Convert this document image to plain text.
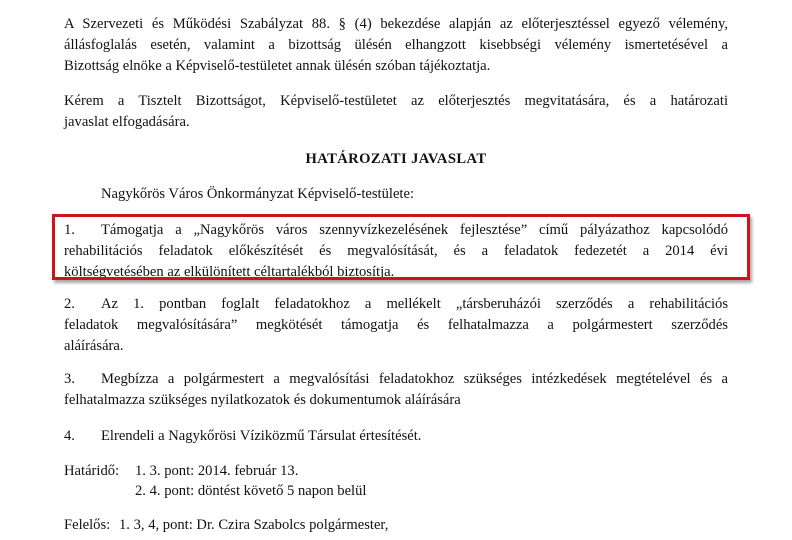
A Szervezeti és Működési Szabályzat 88. § (4) bekezdése alapján az előterjesztéssel egyező vélemény,
állásfoglalás esetén, valamint a bizottság ülésén elhangzott kisebbségi vélemény ismertetésével a
Bizottság elnöke a Képviselő-testületet annak ülésén szóban tájékoztatja.
Kérem a Tisztelt Bizottságot, Képviselő-testületet az előterjesztés megvitatására, és a határozati
javaslat elfogadására.
HATÁROZATI JAVASLAT
Nagykőrös Város Önkormányzat Képviselő-testülete:
1. Támogatja a „Nagykőrös város szennyvízkezelésének fejlesztése” című pályázathoz kapcsolódó
rehabilitációs feladatok előkészítését és megvalósítását, és a feladatok fedezetét a 2014 évi
költségvetésében az elkülönített céltartalékból biztosítja.
2. Az 1. pontban foglalt feladatokhoz a mellékelt „társberuházói szerződés a rehabilitációs
feladatok megvalósítására” megkötését támogatja és felhatalmazza a polgármestert szerződés
aláírására.
3. Megbízza a polgármestert a megvalósítási feladatokhoz szükséges intézkedések megtételével és a
felhatalmazza szükséges nyilatkozatok és dokumentumok aláírására
4. Elrendeli a Nagykőrösi Víziközmű Társulat értesítését.
Határidő: 1. 3. pont: 2014. február 13.
2. 4. pont: döntést követő 5 napon belül
Felelős: 1. 3, 4, pont: Dr. Czira Szabolcs polgármester,
